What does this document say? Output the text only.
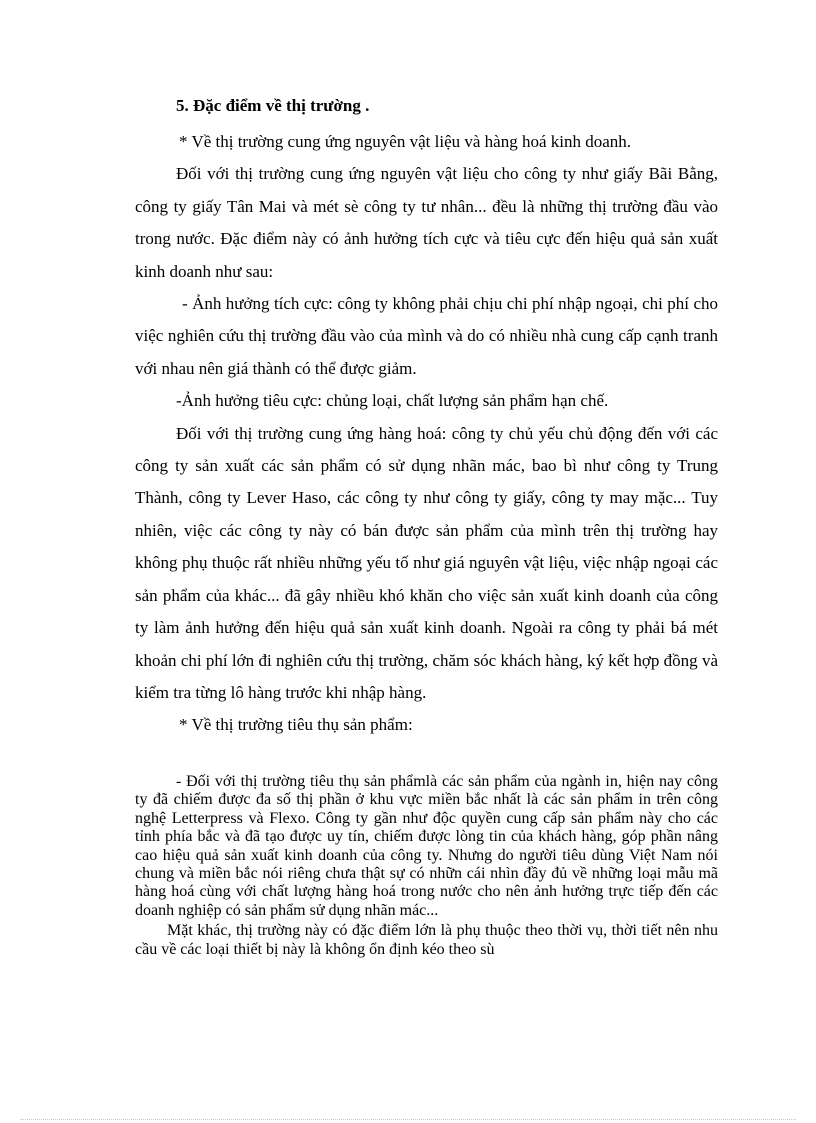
5. Đặc điểm về thị trường .

* Về thị trường cung ứng nguyên vật liệu và hàng hoá kinh doanh.

Đối với thị trường cung ứng nguyên vật liệu cho công ty như giấy Bãi Bằng, công ty giấy Tân Mai và mét sè công ty tư nhân... đều là những thị trường đầu vào trong nước. Đặc điểm này có ảnh hưởng tích cực và tiêu cực đến hiệu quả sản xuất kinh doanh như sau:

- Ảnh hưởng tích cực: công ty không phải chịu chi phí nhập ngoại, chi phí cho việc nghiên cứu thị trường đầu vào của mình và do có nhiều nhà cung cấp cạnh tranh với nhau nên giá thành có thể được giảm.

-Ảnh hưởng tiêu cực: chủng loại, chất lượng sản phẩm hạn chế.

Đối với thị trường cung ứng hàng hoá: công ty chủ yếu chủ động đến với các công ty sản xuất các sản phẩm có sử dụng nhãn mác, bao bì như công ty Trung Thành, công ty Lever Haso, các công ty như công ty giấy, công ty may mặc... Tuy nhiên, việc các công ty này có bán được sản phẩm của mình trên thị trường hay không phụ thuộc rất nhiều những yếu tố như giá nguyên vật liệu, việc nhập ngoại các sản phẩm của khác... đã gây nhiều khó khăn cho việc sản xuất kinh doanh của công ty làm ảnh hưởng đến hiệu quả sản xuất kinh doanh. Ngoài ra công ty phải bá mét khoản chi phí lớn đi nghiên cứu thị trường, chăm sóc khách hàng, ký kết hợp đồng và kiểm tra từng lô hàng trước khi nhập hàng.

* Về thị trường tiêu thụ sản phẩm:

- Đối với thị trường tiêu thụ sản phẩmlà các sản phẩm của ngành in, hiện nay công ty đã chiếm được đa số thị phần ở khu vực miền bắc nhất là các sản phẩm in trên công nghệ Letterpress và Flexo. Công ty gần như độc quyền cung cấp sản phẩm này cho các tỉnh phía bắc và đã tạo được uy tín, chiếm được lòng tin của khách hàng, góp phần nâng cao hiệu quả sản xuất kinh doanh của công ty. Nhưng do người tiêu dùng Việt Nam nói chung và miền bắc nói riêng chưa thật sự có nhữn cái nhìn đầy đủ về những loại mẫu mã hàng hoá cùng với chất lượng hàng hoá trong nước cho nên ảnh hưởng trực tiếp đến các doanh nghiệp có sản phẩm sử dụng nhãn mác...

Mặt khác, thị trường này có đặc điểm lớn là phụ thuộc theo thời vụ, thời tiết nên nhu cầu về các loại thiết bị này là không ổn định kéo theo sù
